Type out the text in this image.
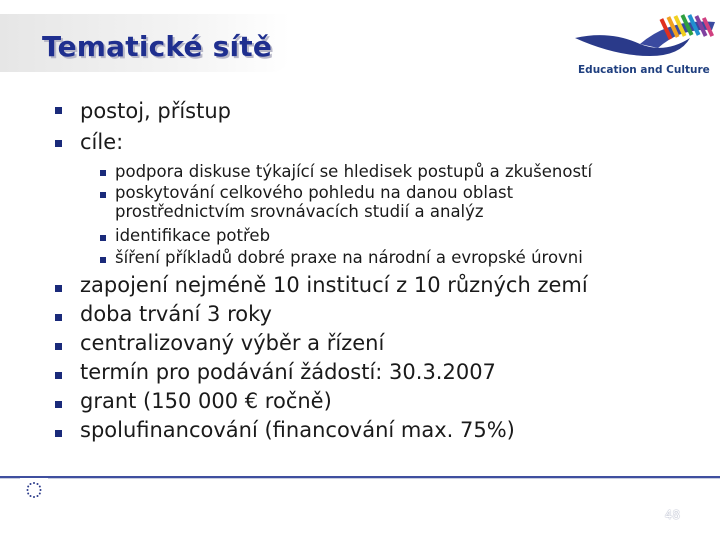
Tematické sítě
Education and Culture
postoj, přístup
cíle:
podpora diskuse týkající se hledisek postupů a zkušeností
poskytování celkového pohledu na danou oblast
prostřednictvím srovnávacích studií a analýz
identifikace potřeb
šíření příkladů dobré praxe na národní a evropské úrovni
zapojení nejméně 10 institucí z 10 různých zemí
doba trvání 3 roky
centralizovaný výběr a řízení
termín pro podávání žádostí: 30.3.2007
grant (150 000 € ročně)
spolufinancování (financování max. 75%)
48
